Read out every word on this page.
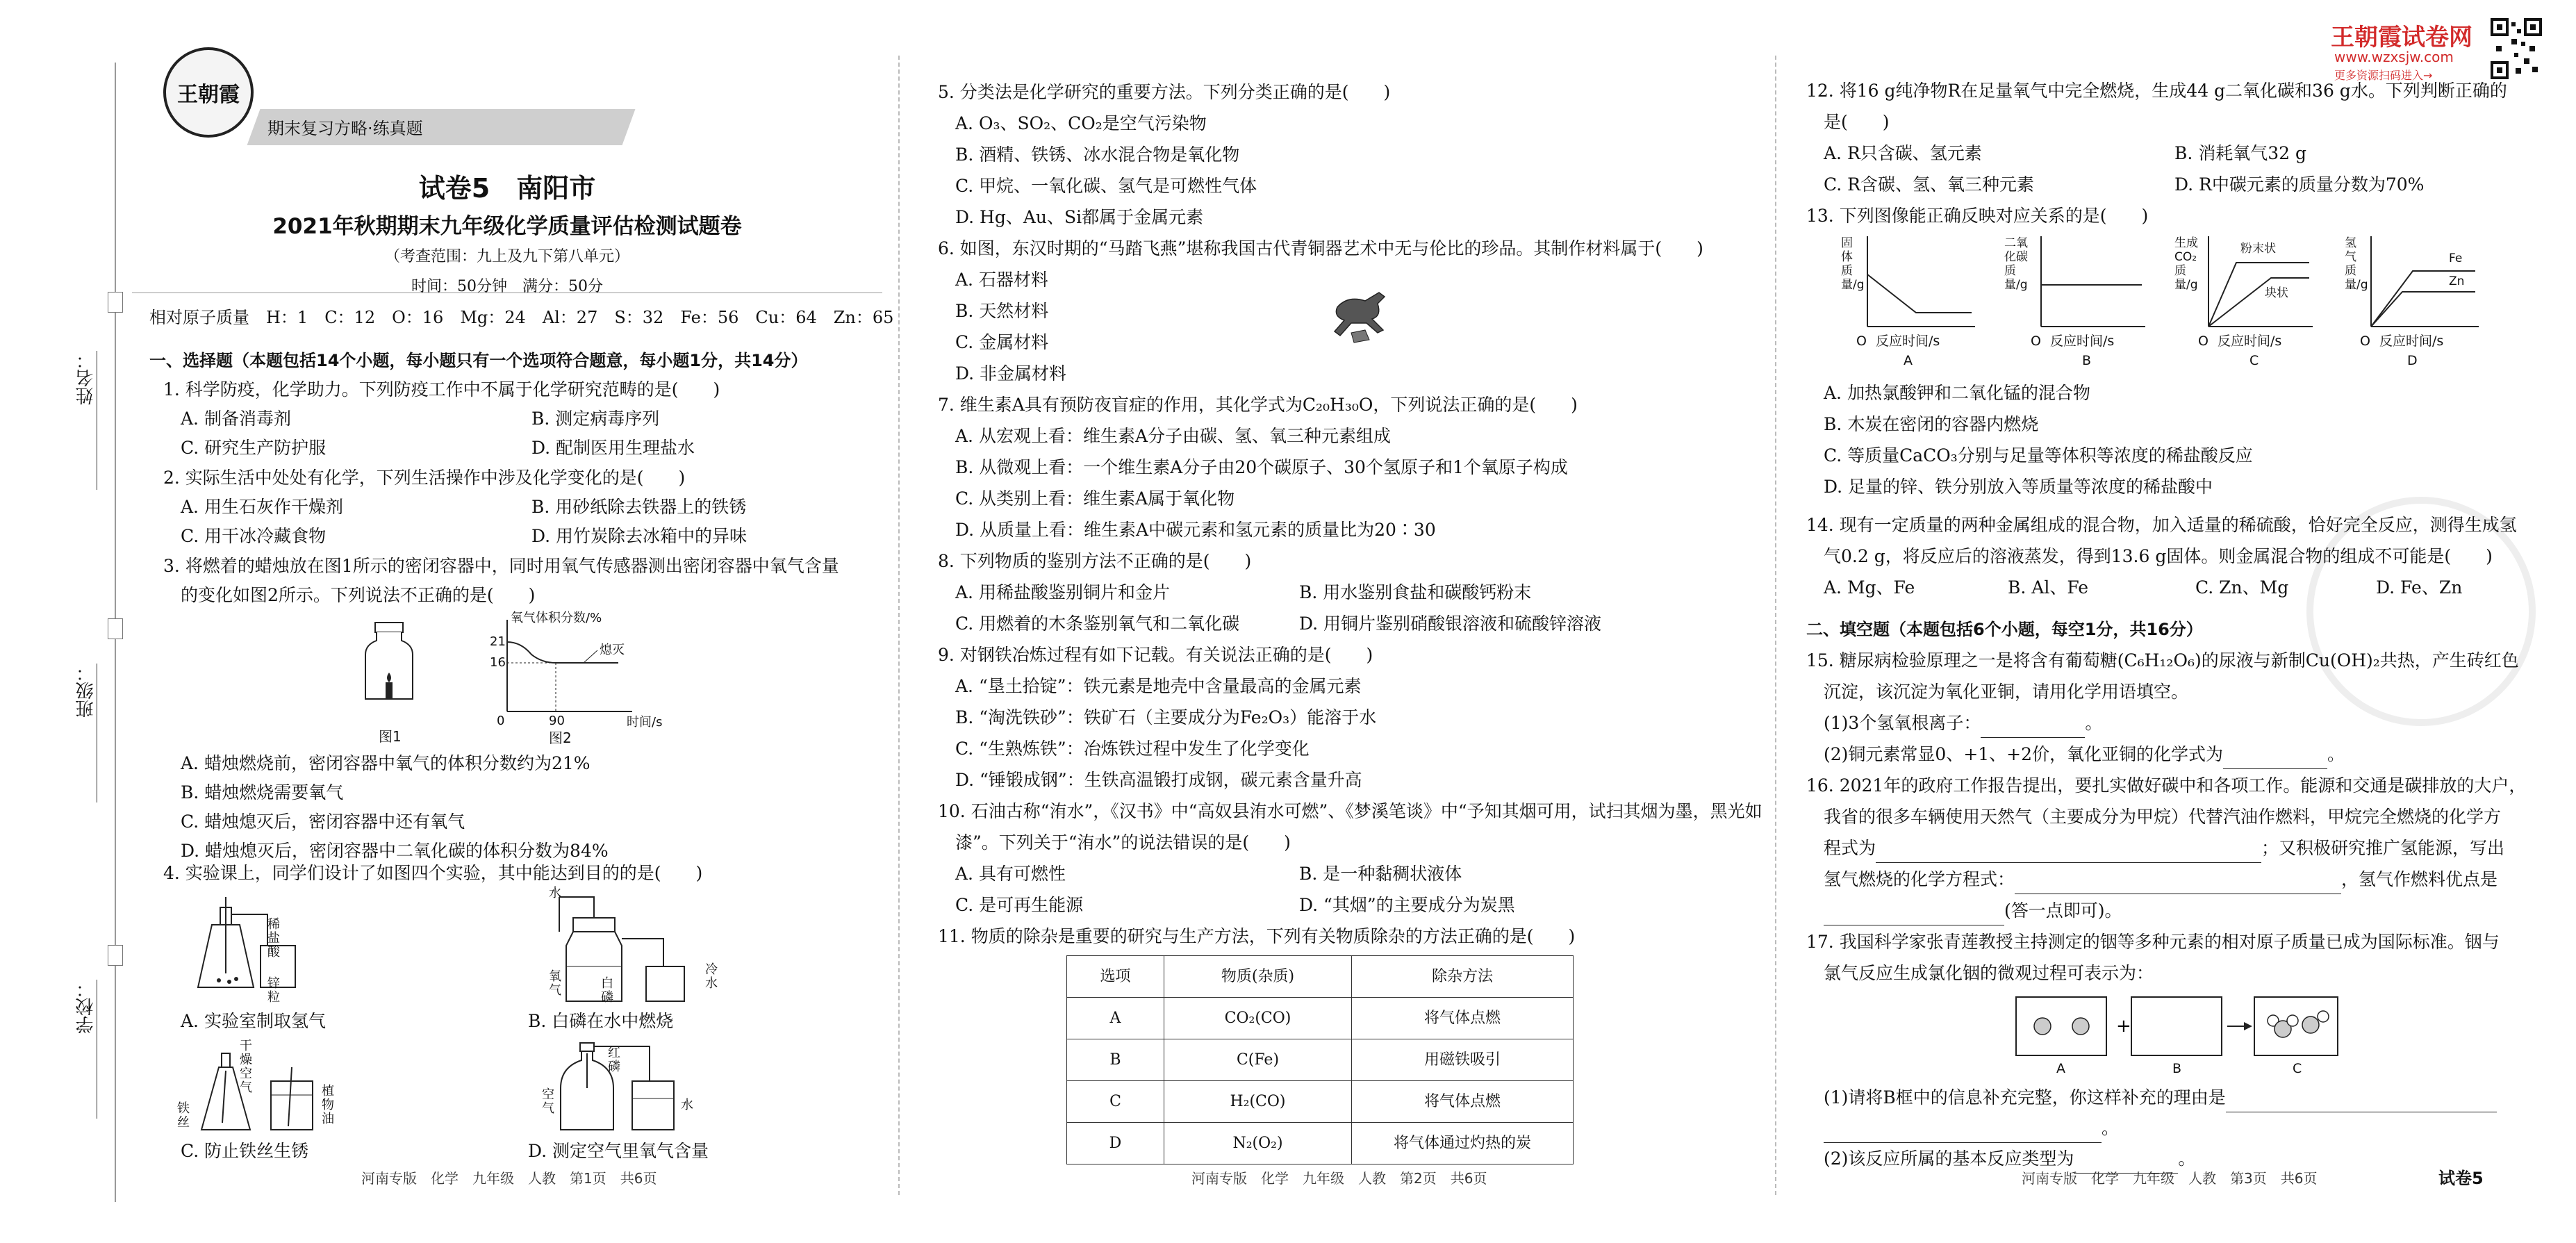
姓名：
班级：
学校：
王朝霞
期末复习方略·练真题
试卷5　南阳市
2021年秋期期末九年级化学质量评估检测试题卷
（考查范围：九上及九下第八单元）
时间：50分钟　满分：50分
相对原子质量　H：1　C：12　O：16　Mg：24　Al：27　S：32　Fe：56　Cu：64　Zn：65
一、选择题（本题包括14个小题，每小题只有一个选项符合题意，每小题1分，共14分）
1. 科学防疫，化学助力。下列防疫工作中不属于化学研究范畴的是(　　)
A. 制备消毒剂	B. 测定病毒序列
C. 研究生产防护服	D. 配制医用生理盐水
2. 实际生活中处处有化学，下列生活操作中涉及化学变化的是(　　)
A. 用生石灰作干燥剂	B. 用砂纸除去铁器上的铁锈
C. 用干冰冷藏食物	D. 用竹炭除去冰箱中的异味
3. 将燃着的蜡烛放在图1所示的密闭容器中，同时用氧气传感器测出密闭容器中氧气含量
的变化如图2所示。下列说法不正确的是(　　)
图1
氧气体积分数/%
时间/s
熄灭
21
16
90
0
图2
A. 蜡烛燃烧前，密闭容器中氧气的体积分数约为21%
B. 蜡烛燃烧需要氧气
C. 蜡烛熄灭后，密闭容器中还有氧气
D. 蜡烛熄灭后，密闭容器中二氧化碳的体积分数为84%
4. 实验课上，同学们设计了如图四个实验，其中能达到目的的是(　　)
稀盐酸
锌粒
A. 实验室制取氢气
水
氧气	白磷
冷水
B. 白磷在水中燃烧
干燥空气	植物油
铁丝
C. 防止铁丝生锈
空气
红磷
水
D. 测定空气里氧气含量
河南专版　化学　九年级　人教　第1页　共6页
5. 分类法是化学研究的重要方法。下列分类正确的是(　　)
A. O₃、SO₂、CO₂是空气污染物
B. 酒精、铁锈、冰水混合物是氧化物
C. 甲烷、一氧化碳、氢气是可燃性气体
D. Hg、Au、Si都属于金属元素
6. 如图，东汉时期的“马踏飞燕”堪称我国古代青铜器艺术中无与伦比的珍品。其制作材料属于(　　)
A. 石器材料
B. 天然材料
C. 金属材料
D. 非金属材料
7. 维生素A具有预防夜盲症的作用，其化学式为C₂₀H₃₀O，下列说法正确的是(　　)
A. 从宏观上看：维生素A分子由碳、氢、氧三种元素组成
B. 从微观上看：一个维生素A分子由20个碳原子、30个氢原子和1个氧原子构成
C. 从类别上看：维生素A属于氧化物
D. 从质量上看：维生素A中碳元素和氢元素的质量比为20∶30
8. 下列物质的鉴别方法不正确的是(　　)
A. 用稀盐酸鉴别铜片和金片	B. 用水鉴别食盐和碳酸钙粉末
C. 用燃着的木条鉴别氧气和二氧化碳	D. 用铜片鉴别硝酸银溶液和硫酸锌溶液
9. 对钢铁冶炼过程有如下记载。有关说法正确的是(　　)
A. “垦土拾锭”：铁元素是地壳中含量最高的金属元素
B. “淘洗铁砂”：铁矿石（主要成分为Fe₂O₃）能溶于水
C. “生熟炼铁”：冶炼铁过程中发生了化学变化
D. “锤锻成钢”：生铁高温锻打成钢，碳元素含量升高
10. 石油古称“洧水”，《汉书》中“高奴县洧水可燃”、《梦溪笔谈》中“予知其烟可用，试扫其烟为墨，黑光如
漆”。下列关于“洧水”的说法错误的是(　　)
A. 具有可燃性	B. 是一种黏稠状液体
C. 是可再生能源	D. “其烟”的主要成分为炭黑
11. 物质的除杂是重要的研究与生产方法，下列有关物质除杂的方法正确的是(　　)
选项	物质(杂质)	除杂方法
A	CO₂(CO)	将气体点燃
B	C(Fe)	用磁铁吸引
C	H₂(CO)	将气体点燃
D	N₂(O₂)	将气体通过灼热的炭
河南专版　化学　九年级　人教　第2页　共6页
王朝霞试卷网
www.wzxsjw.com
更多资源扫码进入→
12. 将16 g纯净物R在足量氧气中完全燃烧，生成44 g二氧化碳和36 g水。下列判断正确的
是(　　)
A. R只含碳、氢元素	B. 消耗氧气32 g
C. R含碳、氢、氧三种元素	D. R中碳元素的质量分数为70%
13. 下列图像能正确反映对应关系的是(　　)
固体质量/g
O 反应时间/s
A
二氧化碳质量/g
O 反应时间/s
B
生成CO₂质量/g
粉末状
块状
O 反应时间/s
C
氢气质量/g
Fe
Zn
O 反应时间/s
D
A. 加热氯酸钾和二氧化锰的混合物
B. 木炭在密闭的容器内燃烧
C. 等质量CaCO₃分别与足量等体积等浓度的稀盐酸反应
D. 足量的锌、铁分别放入等质量等浓度的稀盐酸中
14. 现有一定质量的两种金属组成的混合物，加入适量的稀硫酸，恰好完全反应，测得生成氢
气0.2 g，将反应后的溶液蒸发，得到13.6 g固体。则金属混合物的组成不可能是(　　)
A. Mg、Fe	B. Al、Fe	C. Zn、Mg	D. Fe、Zn
二、填空题（本题包括6个小题，每空1分，共16分）
15. 糖尿病检验原理之一是将含有葡萄糖(C₆H₁₂O₆)的尿液与新制Cu(OH)₂共热，产生砖红色
沉淀，该沉淀为氧化亚铜，请用化学用语填空。
(1)3个氢氧根离子：	。
(2)铜元素常显0、+1、+2价，氧化亚铜的化学式为	。
16. 2021年的政府工作报告提出，要扎实做好碳中和各项工作。能源和交通是碳排放的大户，
我省的很多车辆使用天然气（主要成分为甲烷）代替汽油作燃料，甲烷完全燃烧的化学方
程式为	；又积极研究推广氢能源，写出
氢气燃烧的化学方程式：	，氢气作燃料优点是
(答一点即可)。
17. 我国科学家张青莲教授主持测定的铟等多种元素的相对原子质量已成为国际标准。铟与
氯气反应生成氯化铟的微观过程可表示为：
+
A	B	C
(1)请将B框中的信息补充完整，你这样补充的理由是
。
(2)该反应所属的基本反应类型为	。
河南专版　化学　九年级　人教　第3页　共6页	试卷5
